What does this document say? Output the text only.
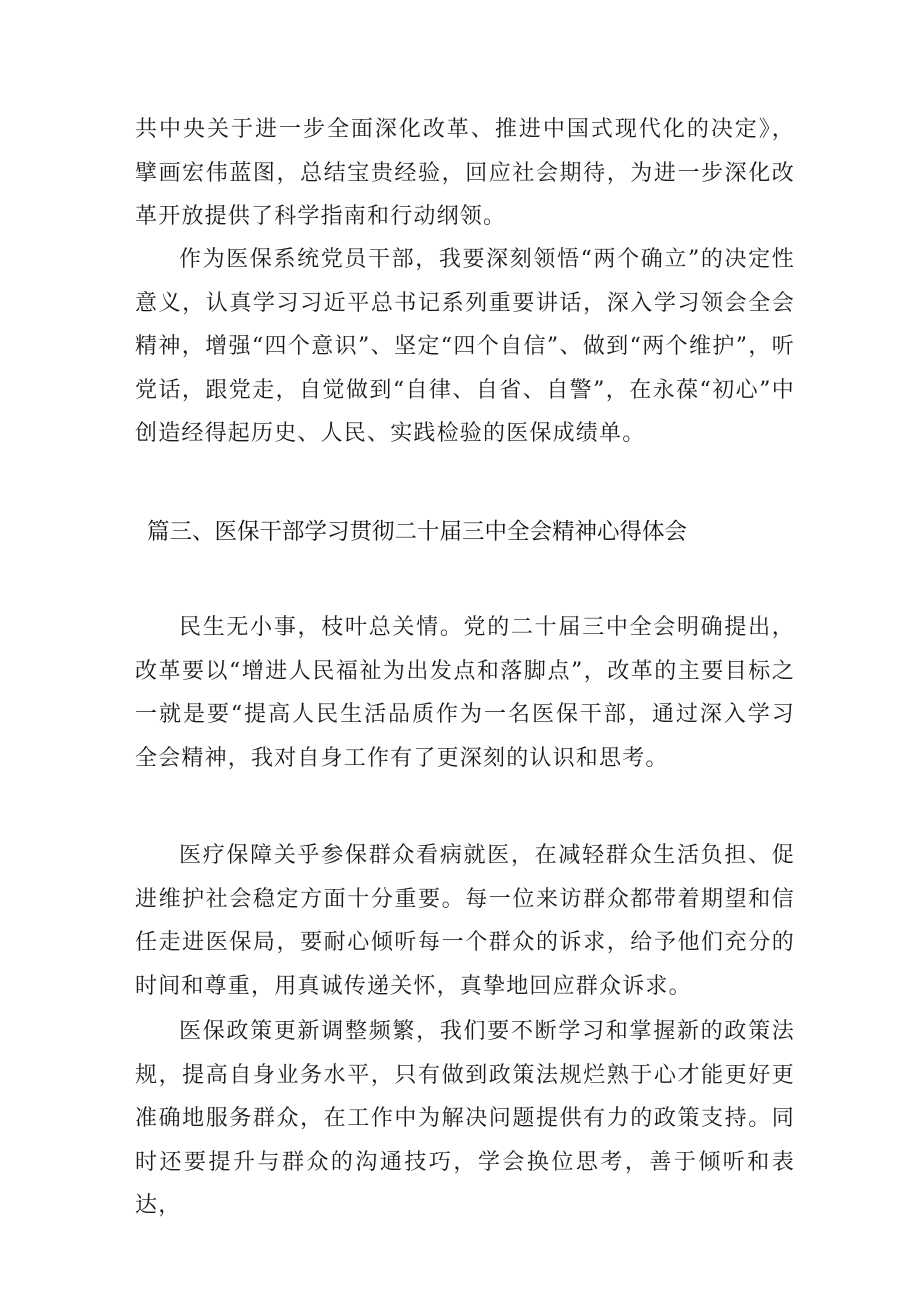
共中央关于进一步全面深化改革、推进中国式现代化的决定》，擘画宏伟蓝图，总结宝贵经验，回应社会期待，为进一步深化改革开放提供了科学指南和行动纲领。

作为医保系统党员干部，我要深刻领悟“两个确立”的决定性意义，认真学习习近平总书记系列重要讲话，深入学习领会全会精神，增强“四个意识”、坚定“四个自信”、做到“两个维护”，听党话，跟党走，自觉做到“自律、自省、自警”，在永葆“初心”中创造经得起历史、人民、实践检验的医保成绩单。

篇三、医保干部学习贯彻二十届三中全会精神心得体会

民生无小事，枝叶总关情。党的二十届三中全会明确提出，改革要以“增进人民福祉为出发点和落脚点”，改革的主要目标之一就是要“提高人民生活品质作为一名医保干部，通过深入学习全会精神，我对自身工作有了更深刻的认识和思考。

医疗保障关乎参保群众看病就医，在减轻群众生活负担、促进维护社会稳定方面十分重要。每一位来访群众都带着期望和信任走进医保局，要耐心倾听每一个群众的诉求，给予他们充分的时间和尊重，用真诚传递关怀，真挚地回应群众诉求。

医保政策更新调整频繁，我们要不断学习和掌握新的政策法规，提高自身业务水平，只有做到政策法规烂熟于心才能更好更准确地服务群众，在工作中为解决问题提供有力的政策支持。同时还要提升与群众的沟通技巧，学会换位思考，善于倾听和表达，
